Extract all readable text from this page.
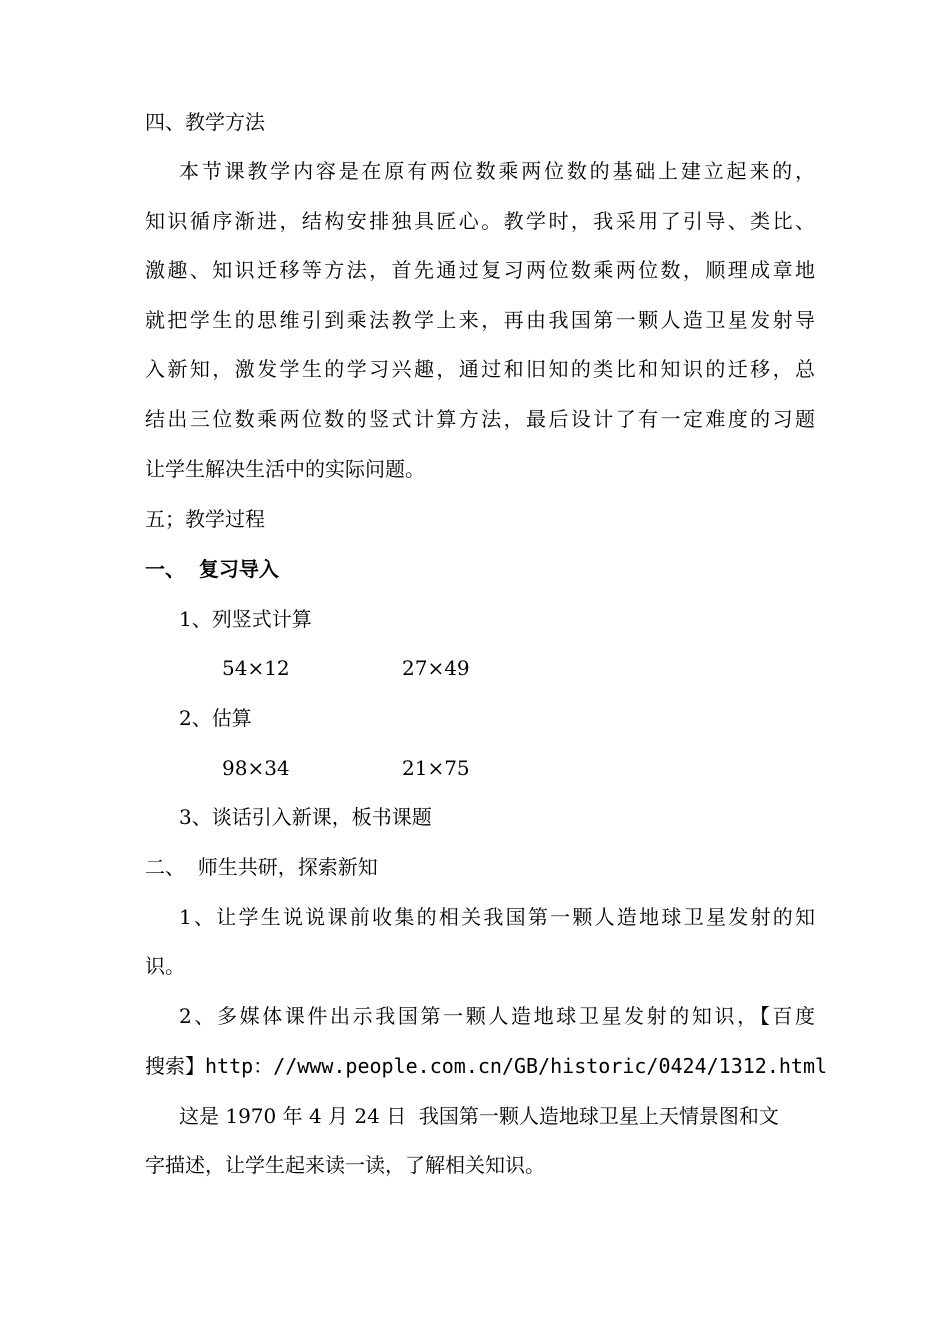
四、教学方法
本节课教学内容是在原有两位数乘两位数的基础上建立起来的，
知识循序渐进，结构安排独具匠心。教学时，我采用了引导、类比、
激趣、知识迁移等方法，首先通过复习两位数乘两位数，顺理成章地
就把学生的思维引到乘法教学上来，再由我国第一颗人造卫星发射导
入新知，激发学生的学习兴趣，通过和旧知的类比和知识的迁移，总
结出三位数乘两位数的竖式计算方法，最后设计了有一定难度的习题
让学生解决生活中的实际问题。
五；教学过程
一、  复习导入
1、列竖式计算
54×12	27×49
2、估算
98×34	21×75
3、谈话引入新课，板书课题
二、  师生共研，探索新知
1、让学生说说课前收集的相关我国第一颗人造地球卫星发射的知
识。
2、多媒体课件出示我国第一颗人造地球卫星发射的知识，【百度
搜索】http：//www.people.com.cn/GB/historic/0424/1312.html
这是 1970 年 4 月 24 日  我国第一颗人造地球卫星上天情景图和文
字描述，让学生起来读一读，了解相关知识。
